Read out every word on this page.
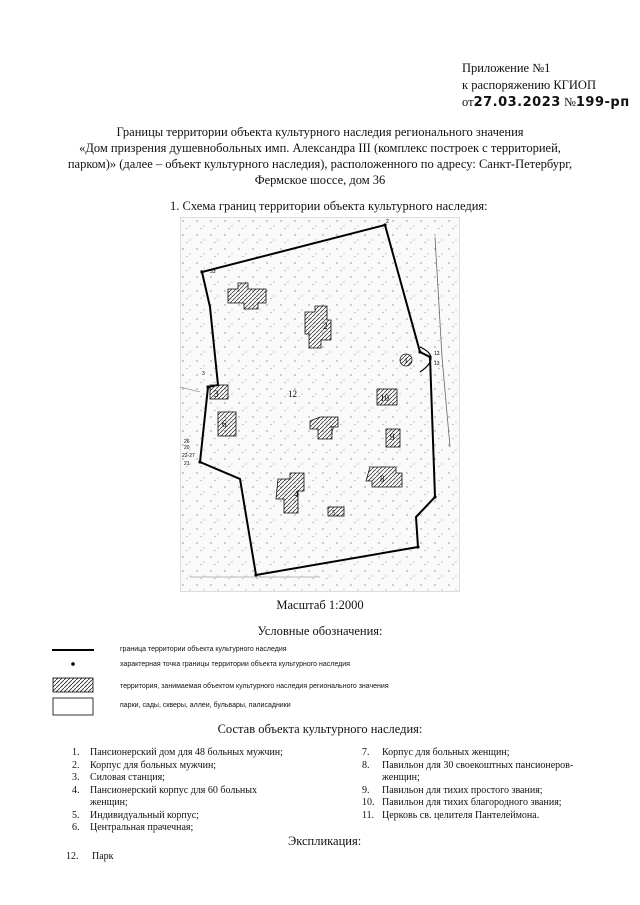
Приложение №1
к распоряжению КГИОП
от27.03.2023 №199-рп
Границы территории объекта культурного наследия регионального значения
«Дом призрения душевнобольных имп. Александра III (комплекс построек с территорией,
парком)» (далее – объект культурного наследия), расположенного по адресу: Санкт-Петербург,
Фермское шоссе, дом 36
1. Схема границ территории объекта культурного наследия:
2
1
12	10
3
6
7
9
4
8
5
33
2
12
13
3
21
20
22-27
26
Масштаб 1:2000
Условные обозначения:
граница территории объекта культурного наследия
характерная точка границы территории объекта культурного наследия
территория, занимаемая объектом культурного наследия регионального значения
парки, сады, скверы, аллеи, бульвары, палисадники
Состав объекта культурного наследия:
1.	Пансионерский дом для 48 больных мужчин;
2.	Корпус для больных мужчин;
3.	Силовая станция;
4.	Пансионерский корпус для 60 больных
женщин;
5.	Индивидуальный корпус;
6.	Центральная прачечная;
7.	Корпус для больных женщин;
8.	Павильон для 30 своекоштных пансионеров-
женщин;
9.	Павильон для тихих простого звания;
10. Павильон для тихих благородного звания;
11. Церковь св. целителя Пантелеймона.
Экспликация:
12.	Парк
